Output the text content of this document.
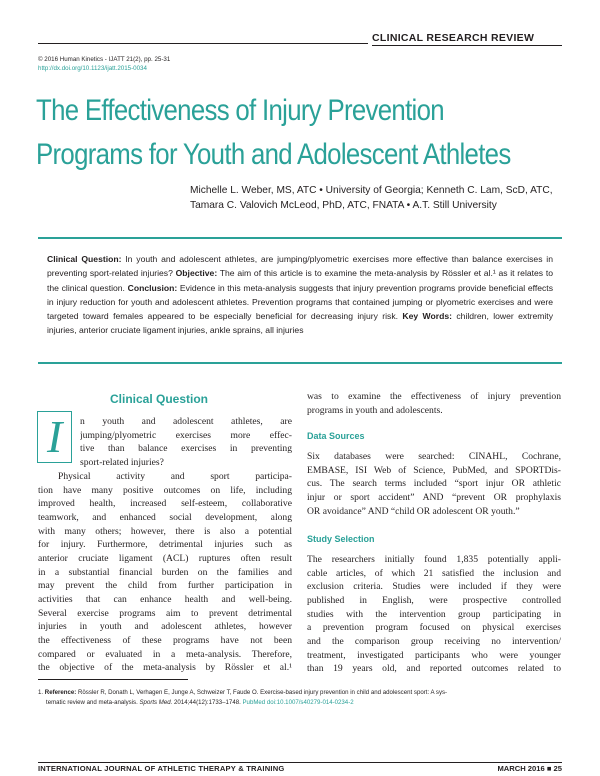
CLINICAL RESEARCH REVIEW
© 2016 Human Kinetics - IJATT 21(2), pp. 25-31
http://dx.doi.org/10.1123/ijatt.2015-0034
The Effectiveness of Injury Prevention
Programs for Youth and Adolescent Athletes
Michelle L. Weber, MS, ATC • University of Georgia; Kenneth C. Lam, ScD, ATC,
Tamara C. Valovich McLeod, PhD, ATC, FNATA • A.T. Still University
Clinical Question: In youth and adolescent athletes, are jumping/plyometric exercises more effective than balance exercises in preventing sport-related injuries? Objective: The aim of this article is to examine the meta-analysis by Rössler et al.¹ as it relates to the clinical question. Conclusion: Evidence in this meta-analysis suggests that injury prevention programs provide beneficial effects in injury reduction for youth and adolescent athletes. Prevention programs that contained jumping or plyometric exercises and were targeted toward females appeared to be especially beneficial for decreasing injury risk. Key Words: children, lower extremity injuries, anterior cruciate ligament injuries, ankle sprains, all injuries
Clinical Question
I n youth and adolescent athletes, are
jumping/plyometric exercises more effec-
tive than balance exercises in preventing
sport-related injuries?
Physical activity and sport participa-
tion have many positive outcomes on life, including
improved health, increased self-esteem, collaborative
teamwork, and enhanced social development, along
with many others; however, there is also a potential
for injury. Furthermore, detrimental injuries such as
anterior cruciate ligament (ACL) ruptures often result
in a substantial financial burden on the families and
may prevent the child from further participation in
activities that can enhance health and well-being.
Several exercise programs aim to prevent detrimental
injuries in youth and adolescent athletes, however
the effectiveness of these programs have not been
compared or evaluated in a meta-analysis. Therefore,
the objective of the meta-analysis by Rössler et al.¹
was to examine the effectiveness of injury prevention
programs in youth and adolescents.
Data Sources
Six databases were searched: CINAHL, Cochrane,
EMBASE, ISI Web of Science, PubMed, and SPORTDis-
cus. The search terms included “sport injur OR athletic
injur or sport accident” AND “prevent OR prophylaxis
OR avoidance” AND “child OR adolescent OR youth.”
Study Selection
The researchers initially found 1,835 potentially appli-
cable articles, of which 21 satisfied the inclusion and
exclusion criteria. Studies were included if they were
published in English, were prospective controlled
studies with the intervention group participating in
a prevention program focused on physical exercises
and the comparison group receiving no intervention/
treatment, investigated participants who were younger
than 19 years old, and reported outcomes related to
1. Reference: Rössler R, Donath L, Verhagen E, Junge A, Schweizer T, Faude O. Exercise-based injury prevention in child and adolescent sport: A sys-
tematic review and meta-analysis. Sports Med. 2014;44(12):1733–1748. PubMed doi:10.1007/s40279-014-0234-2
INTERNATIONAL JOURNAL OF ATHLETIC THERAPY & TRAINING	MARCH 2016 ■ 25
